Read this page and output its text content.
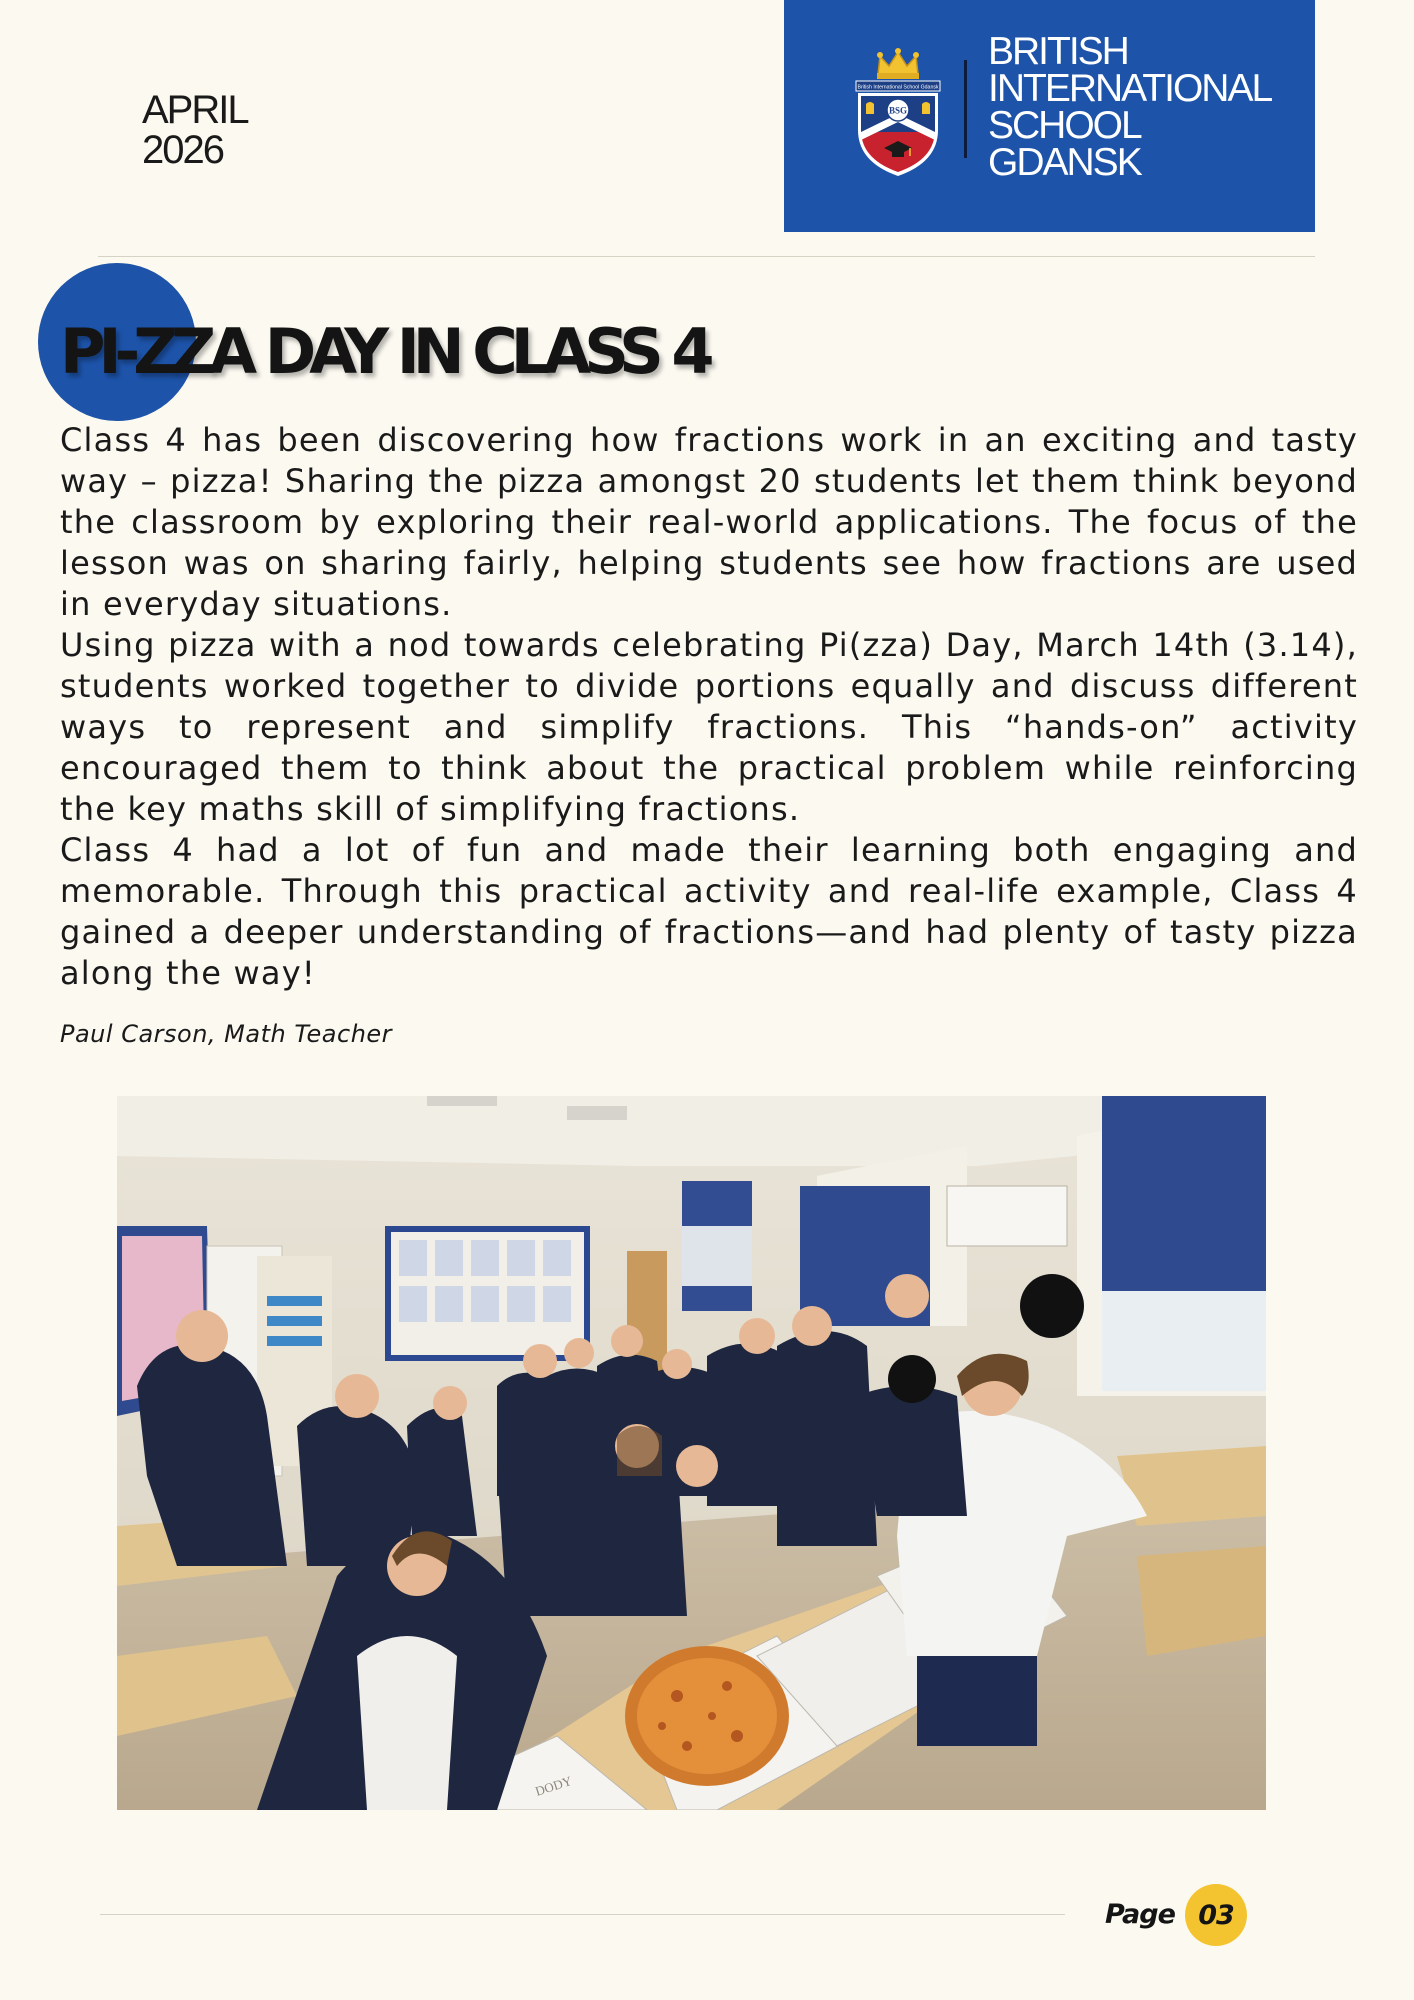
APRIL
2026
British International School Gdansk
BSG
BRITISH
INTERNATIONAL
SCHOOL
GDANSK
PI-ZZA DAY IN CLASS 4

Class 4 has been discovering how fractions work in an exciting and tasty way – pizza! Sharing the pizza amongst 20 students let them think beyond the classroom by exploring their real-world applications. The focus of the lesson was on sharing fairly, helping students see how fractions are used in everyday situations.

Using pizza with a nod towards celebrating Pi(zza) Day, March 14th (3.14), students worked together to divide portions equally and discuss different ways to represent and simplify fractions. This “hands-on” activity encouraged them to think about the practical problem while reinforcing the key maths skill of simplifying fractions.

Class 4 had a lot of fun and made their learning both engaging and memorable. Through this practical activity and real-life example, Class 4 gained a deeper understanding of fractions—and had plenty of tasty pizza along the way!

Paul Carson, Math Teacher
DODY
Page 03
